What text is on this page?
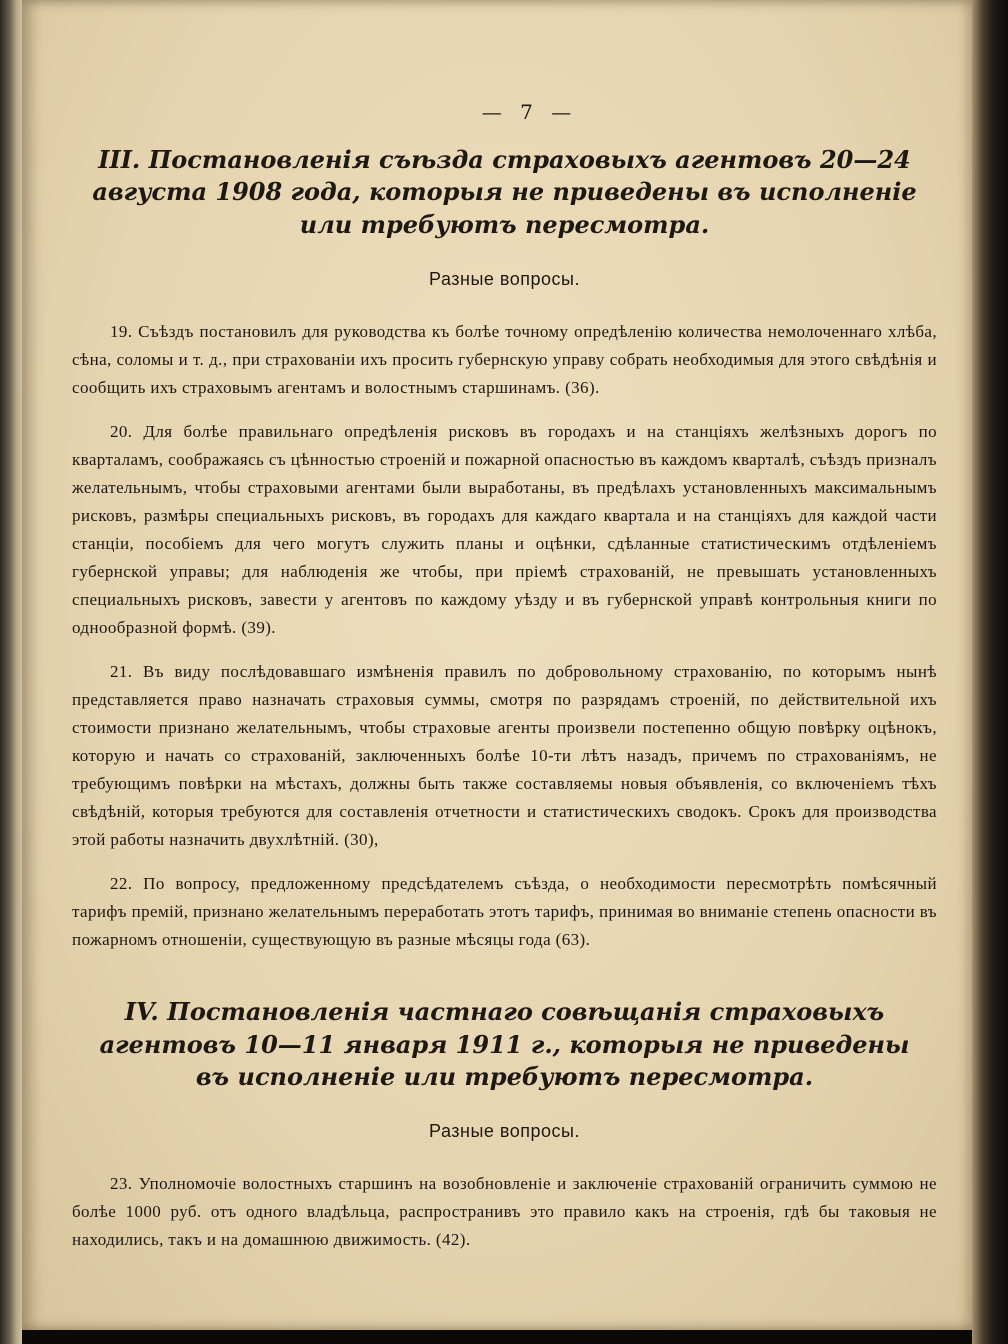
— 7 —
III. Постановленія съѣзда страховыхъ агентовъ 20—24 августа 1908 года, которыя не приведены въ исполненіе или требуютъ пересмотра.
Разные вопросы.

19. Съѣздъ постановилъ для руководства къ болѣе точному опредѣленію количества немолоченнаго хлѣба, сѣна, соломы и т. д., при страхованіи ихъ просить губернскую управу собрать необходимыя для этого свѣдѣнія и сообщить ихъ страховымъ агентамъ и волостнымъ старшинамъ. (36).

20. Для болѣе правильнаго опредѣленія рисковъ въ городахъ и на станціяхъ желѣзныхъ дорогъ по кварталамъ, соображаясь съ цѣнностью строеній и пожарной опасностью въ каждомъ кварталѣ, съѣздъ призналъ желательнымъ, чтобы страховыми агентами были выработаны, въ предѣлахъ установленныхъ максимальнымъ рисковъ, размѣры специальныхъ рисковъ, въ городахъ для каждаго квартала и на станціяхъ для каждой части станціи, пособіемъ для чего могутъ служить планы и оцѣнки, сдѣланные статистическимъ отдѣленіемъ губернской управы; для наблюденія же чтобы, при пріемѣ страхованій, не превышать установленныхъ специальныхъ рисковъ, завести у агентовъ по каждому уѣзду и въ губернской управѣ контрольныя книги по однообразной формѣ. (39).

21. Въ виду послѣдовавшаго измѣненія правилъ по добровольному страхованію, по которымъ нынѣ представляется право назначать страховыя суммы, смотря по разрядамъ строеній, по действительной ихъ стоимости признано желательнымъ, чтобы страховые агенты произвели постепенно общую повѣрку оцѣнокъ, которую и начать со страхованій, заключенныхъ болѣе 10-ти лѣтъ назадъ, причемъ по страхованіямъ, не требующимъ повѣрки на мѣстахъ, должны быть также составляемы новыя объявленія, со включеніемъ тѣхъ свѣдѣній, которыя требуются для составленія отчетности и статистическихъ сводокъ. Срокъ для производства этой работы назначить двухлѣтній. (30),

22. По вопросу, предложенному предсѣдателемъ съѣзда, о необходимости пересмотрѣть помѣсячный тарифъ премій, признано желательнымъ переработать этотъ тарифъ, принимая во вниманіе степень опасности въ пожарномъ отношеніи, существующую въ разные мѣсяцы года (63).

IV. Постановленія частнаго совѣщанія страховыхъ агентовъ 10—11 января 1911 г., которыя не приведены въ исполненіе или требуютъ пересмотра.
Разные вопросы.

23. Уполномочіе волостныхъ старшинъ на возобновленіе и заключеніе страхованій ограничить суммою не болѣе 1000 руб. отъ одного владѣльца, распространивъ это правило какъ на строенія, гдѣ бы таковыя не находились, такъ и на домашнюю движимость. (42).
